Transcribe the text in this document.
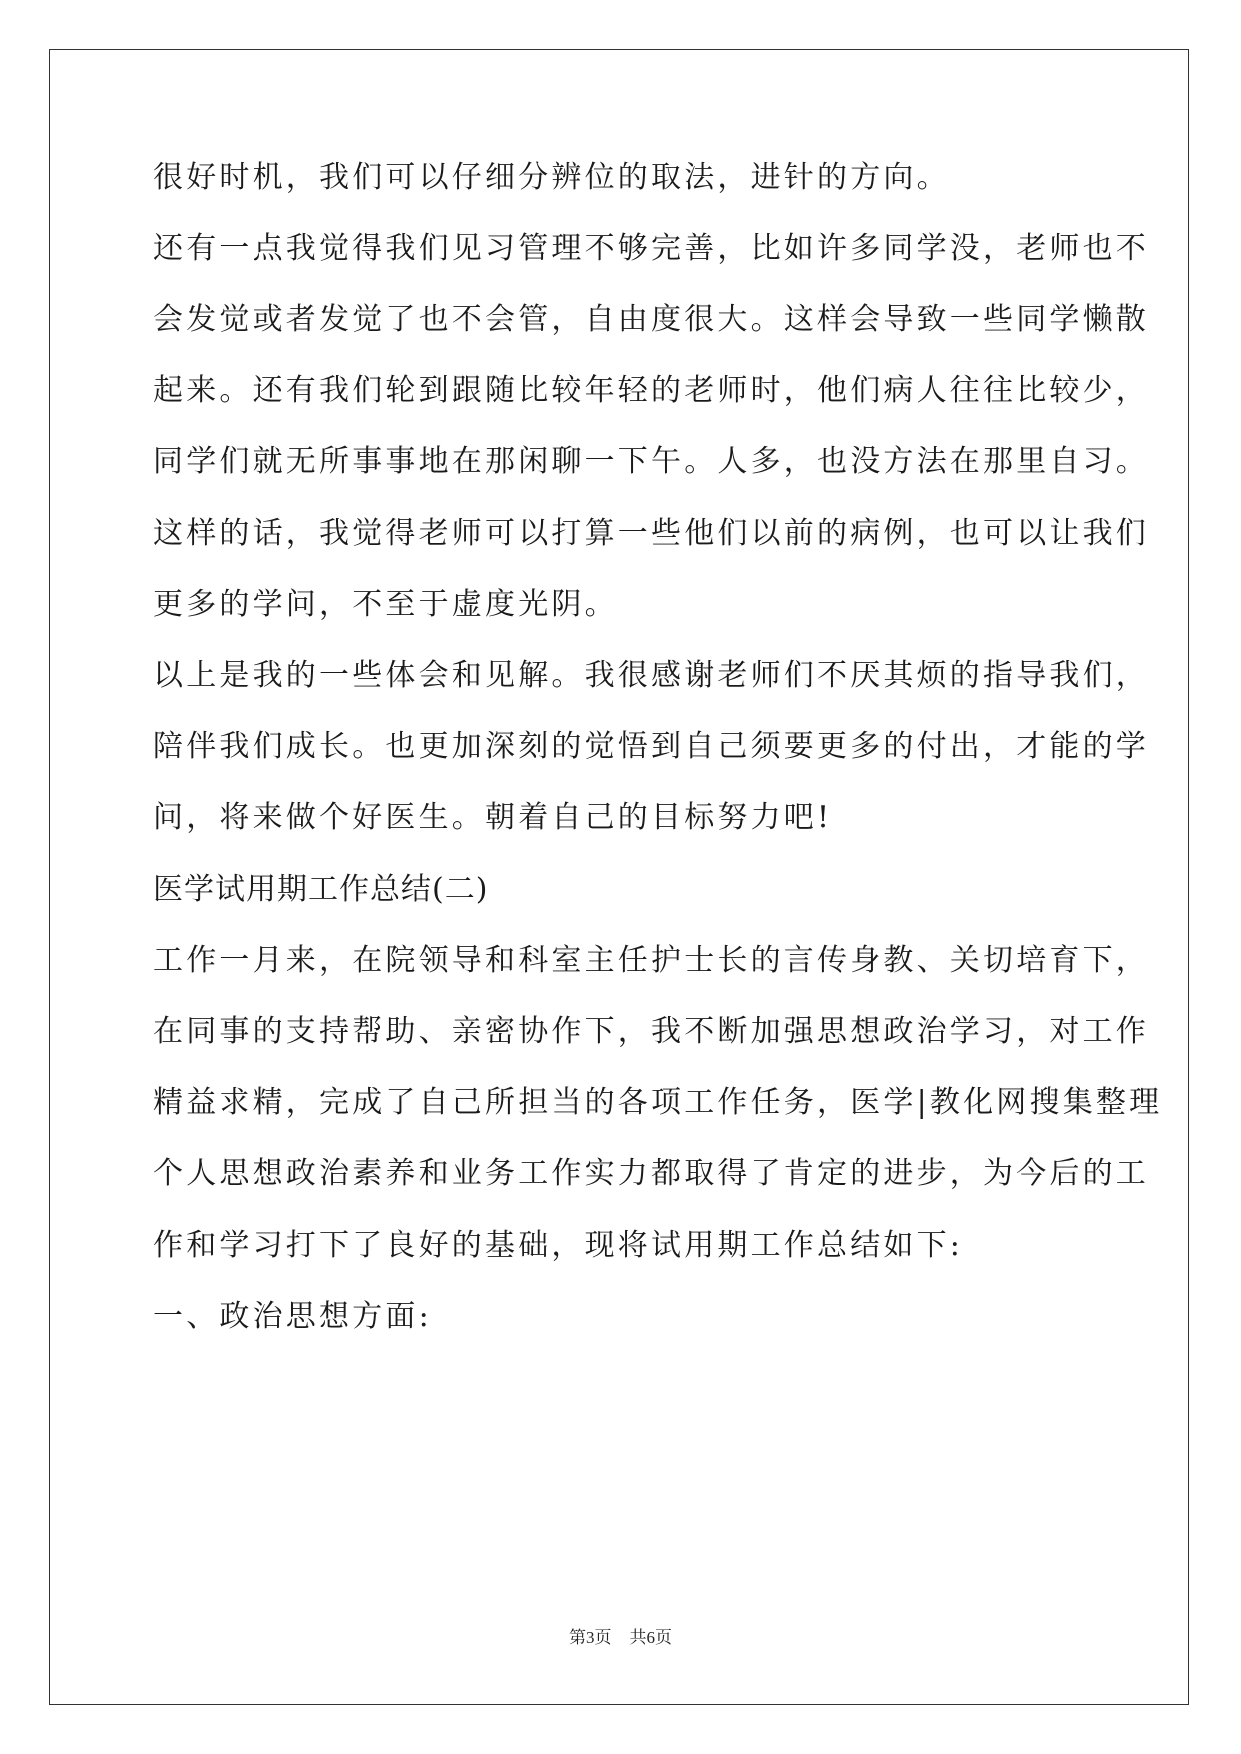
很好时机，我们可以仔细分辨位的取法，进针的方向。
还有一点我觉得我们见习管理不够完善，比如许多同学没，老师也不
会发觉或者发觉了也不会管，自由度很大。这样会导致一些同学懒散
起来。还有我们轮到跟随比较年轻的老师时，他们病人往往比较少，
同学们就无所事事地在那闲聊一下午。人多，也没方法在那里自习。
这样的话，我觉得老师可以打算一些他们以前的病例，也可以让我们
更多的学问，不至于虚度光阴。
以上是我的一些体会和见解。我很感谢老师们不厌其烦的指导我们，
陪伴我们成长。也更加深刻的觉悟到自己须要更多的付出，才能的学
问，将来做个好医生。朝着自己的目标努力吧!
医学试用期工作总结(二)
工作一月来，在院领导和科室主任护士长的言传身教、关切培育下，
在同事的支持帮助、亲密协作下，我不断加强思想政治学习，对工作
精益求精，完成了自己所担当的各项工作任务，医学|教化网搜集整理
个人思想政治素养和业务工作实力都取得了肯定的进步，为今后的工
作和学习打下了良好的基础，现将试用期工作总结如下:
一、政治思想方面:
第3页 共6页
